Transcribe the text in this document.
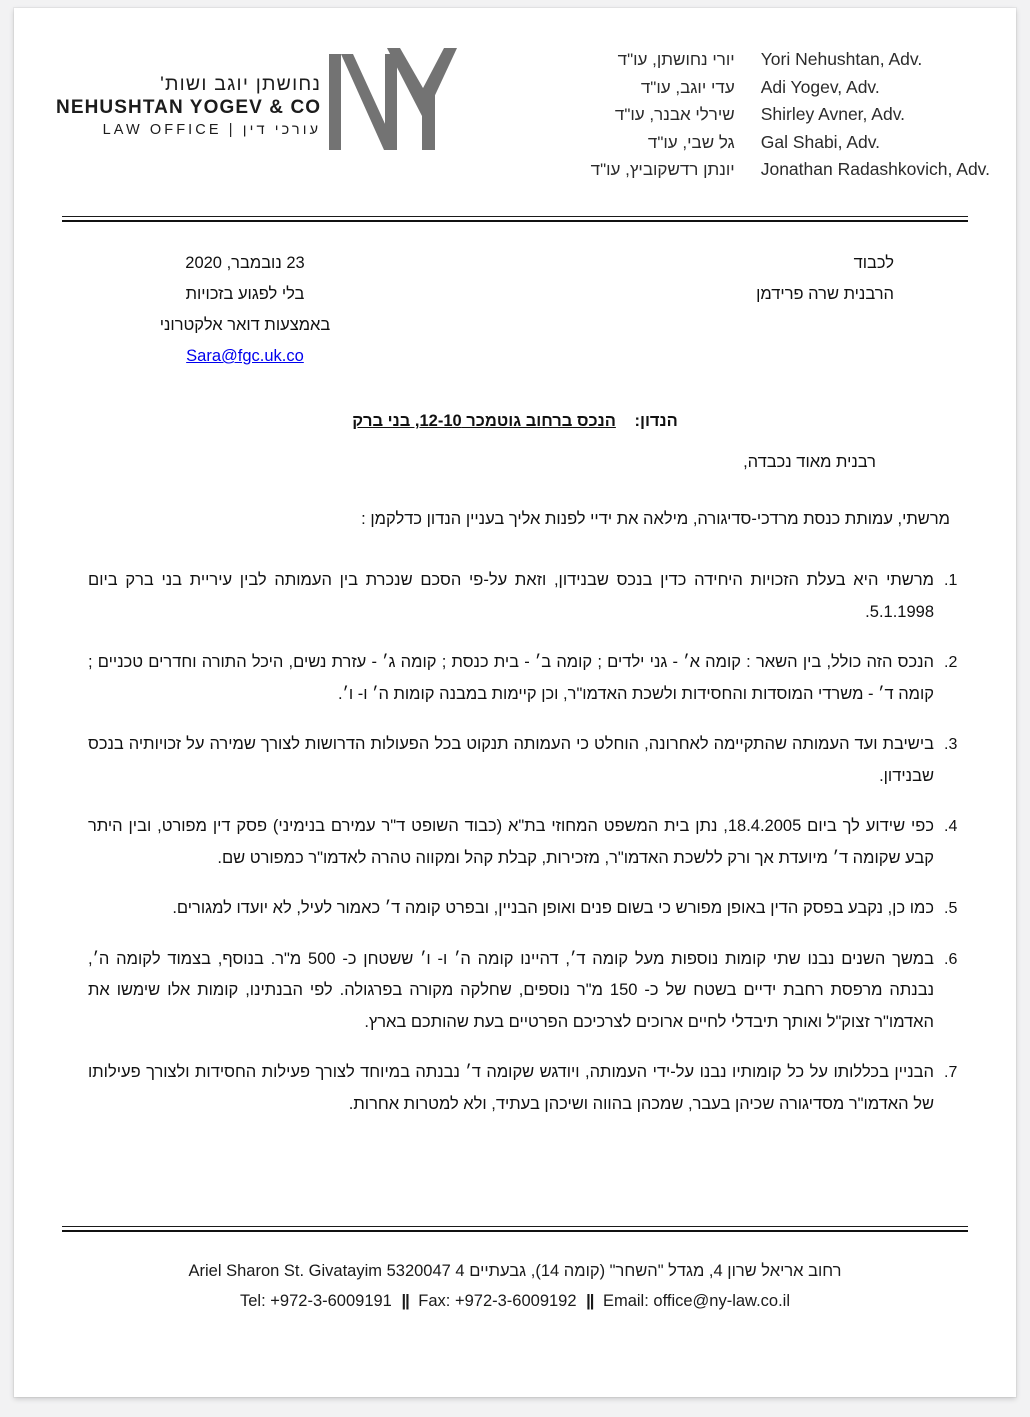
נחושתן יוגב ושות'
NEHUSHTAN YOGEV & CO
LAW OFFICE | עורכי דין
יורי נחושתן, עו"ד
עדי יוגב, עו"ד
שירלי אבנר, עו"ד
גל שבי, עו"ד
יונתן רדשקוביץ, עו"ד
Yori Nehushtan, Adv.
Adi Yogev, Adv.
Shirley Avner, Adv.
Gal Shabi, Adv.
Jonathan Radashkovich, Adv.
לכבוד
הרבנית שרה פרידמן
23 נובמבר, 2020
בלי לפגוע בזכויות
באמצעות דואר אלקטרוני
Sara@fgc.uk.co
הנדון: הנכס ברחוב גוטמכר 12-10, בני ברק
רבנית מאוד נכבדה,
מרשתי, עמותת כנסת מרדכי-סדיגורה, מילאה את ידיי לפנות אליך בעניין הנדון כדלקמן :
1.
מרשתי היא בעלת הזכויות היחידה כדין בנכס שבנידון, וזאת על-פי הסכם שנכרת בין העמותה לבין עיריית בני ברק ביום 5.1.1998.
2.
הנכס הזה כולל, בין השאר : קומה א׳ - גני ילדים ; קומה ב׳ - בית כנסת ; קומה ג׳ - עזרת נשים, היכל התורה וחדרים טכניים ; קומה ד׳ - משרדי המוסדות והחסידות ולשכת האדמו"ר, וכן קיימות במבנה קומות ה׳ ו- ו׳.
3.
בישיבת ועד העמותה שהתקיימה לאחרונה, הוחלט כי העמותה תנקוט בכל הפעולות הדרושות לצורך שמירה על זכויותיה בנכס שבנידון.
4.
כפי שידוע לך ביום 18.4.2005, נתן בית המשפט המחוזי בת"א (כבוד השופט ד"ר עמירם בנימיני) פסק דין מפורט, ובין היתר קבע שקומה ד׳ מיועדת אך ורק ללשכת האדמו"ר, מזכירות, קבלת קהל ומקווה טהרה לאדמו"ר כמפורט שם.
5.
כמו כן, נקבע בפסק הדין באופן מפורש כי בשום פנים ואופן הבניין, ובפרט קומה ד׳ כאמור לעיל, לא יועדו למגורים.
6.
במשך השנים נבנו שתי קומות נוספות מעל קומה ד׳, דהיינו קומה ה׳ ו- ו׳ ששטחן כ- 500 מ"ר. בנוסף, בצמוד לקומה ה׳, נבנתה מרפסת רחבת ידיים בשטח של כ- 150 מ"ר נוספים, שחלקה מקורה בפרגולה. לפי הבנתינו, קומות אלו שימשו את האדמו"ר זצוק"ל ואותך תיבדלי לחיים ארוכים לצרכיכם הפרטיים בעת שהותכם בארץ.
7.
הבניין בכללותו על כל קומותיו נבנו על-ידי העמותה, ויודגש שקומה ד׳ נבנתה במיוחד לצורך פעילות החסידות ולצורך פעילותו של האדמו"ר מסדיגורה שכיהן בעבר, שמכהן בהווה ושיכהן בעתיד, ולא למטרות אחרות.
רחוב אריאל שרון 4, מגדל "השחר" (קומה 14), גבעתיים 4 Ariel Sharon St. Givatayim 5320047
Tel: +972-3-6009191 || Fax: +972-3-6009192 || Email: office@ny-law.co.il
